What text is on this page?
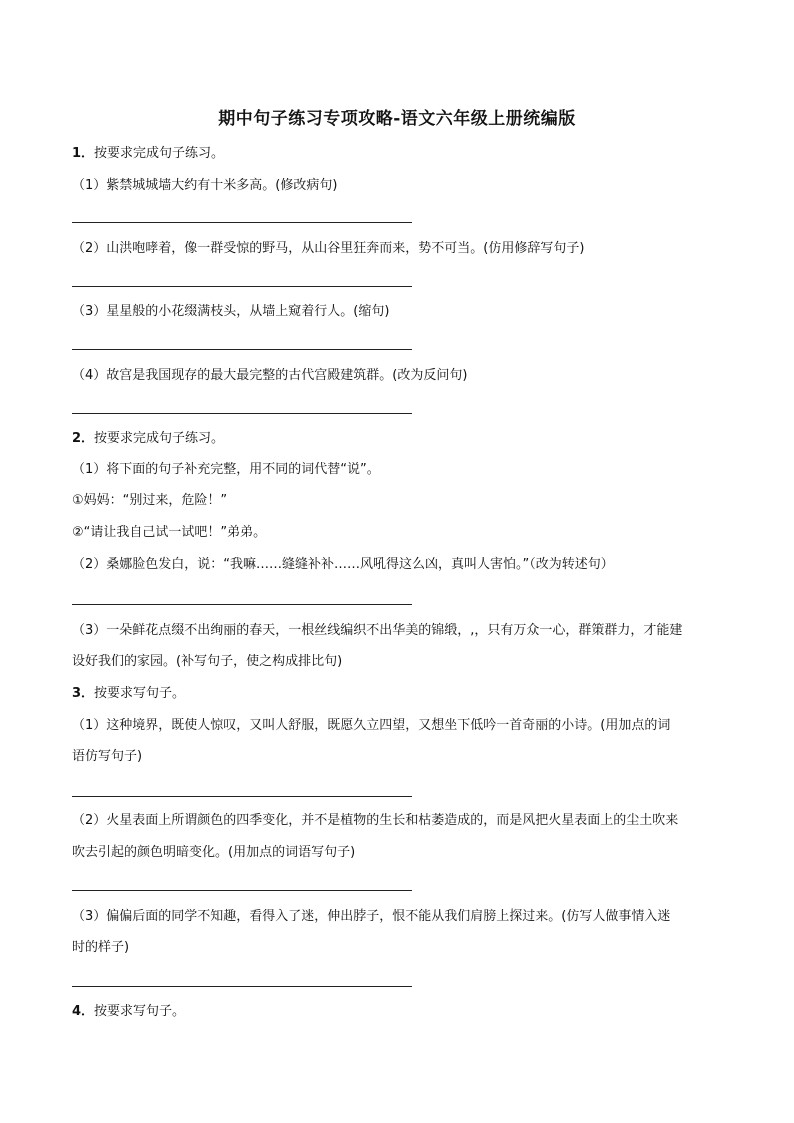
期中句子练习专项攻略-语文六年级上册统编版
1．按要求完成句子练习。
（1）紫禁城城墙大约有十米多高。(修改病句)
（2）山洪咆哮着，像一群受惊的野马，从山谷里狂奔而来，势不可当。(仿用修辞写句子)
（3）星星般的小花缀满枝头，从墙上窥着行人。(缩句)
（4）故宫是我国现存的最大最完整的古代宫殿建筑群。(改为反问句)
2．按要求完成句子练习。
（1）将下面的句子补充完整，用不同的词代替“说”。
①妈妈：“别过来，危险！”
②“请让我自己试一试吧！”弟弟。
（2）桑娜脸色发白，说：“我嘛……缝缝补补……风吼得这么凶，真叫人害怕。”（改为转述句）
（3）一朵鲜花点缀不出绚丽的春天，一根丝线编织不出华美的锦缎，,，只有万众一心，群策群力，才能建
设好我们的家园。(补写句子，使之构成排比句)
3．按要求写句子。
（1）这种境界，既使人惊叹，又叫人舒服，既愿久立四望，又想坐下低吟一首奇丽的小诗。(用加点的词
语仿写句子)
（2）火星表面上所谓颜色的四季变化，并不是植物的生长和枯萎造成的，而是风把火星表面上的尘土吹来
吹去引起的颜色明暗变化。(用加点的词语写句子)
（3）偏偏后面的同学不知趣，看得入了迷，伸出脖子，恨不能从我们肩膀上探过来。(仿写人做事情入迷
时的样子)
4．按要求写句子。
